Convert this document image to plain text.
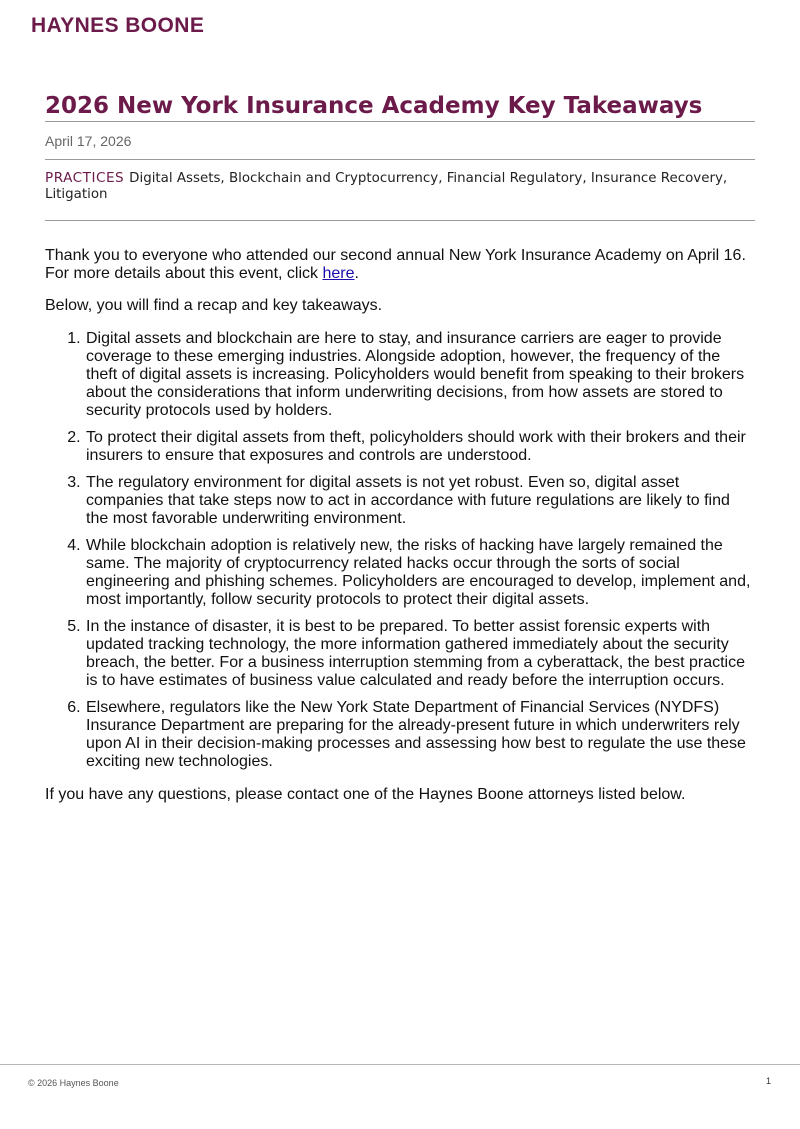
HAYNES BOONE
2026 New York Insurance Academy Key Takeaways
April 17, 2026
PRACTICES Digital Assets, Blockchain and Cryptocurrency, Financial Regulatory, Insurance Recovery, Litigation

Thank you to everyone who attended our second annual New York Insurance Academy on April 16. For more details about this event, click here.

Below, you will find a recap and key takeaways.

1. Digital assets and blockchain are here to stay, and insurance carriers are eager to provide coverage to these emerging industries. Alongside adoption, however, the frequency of the theft of digital assets is increasing. Policyholders would benefit from speaking to their brokers about the considerations that inform underwriting decisions, from how assets are stored to security protocols used by holders.
2. To protect their digital assets from theft, policyholders should work with their brokers and their insurers to ensure that exposures and controls are understood.
3. The regulatory environment for digital assets is not yet robust. Even so, digital asset companies that take steps now to act in accordance with future regulations are likely to find the most favorable underwriting environment.
4. While blockchain adoption is relatively new, the risks of hacking have largely remained the same. The majority of cryptocurrency related hacks occur through the sorts of social engineering and phishing schemes. Policyholders are encouraged to develop, implement and, most importantly, follow security protocols to protect their digital assets.
5. In the instance of disaster, it is best to be prepared. To better assist forensic experts with updated tracking technology, the more information gathered immediately about the security breach, the better. For a business interruption stemming from a cyberattack, the best practice is to have estimates of business value calculated and ready before the interruption occurs.
6. Elsewhere, regulators like the New York State Department of Financial Services (NYDFS) Insurance Department are preparing for the already-present future in which underwriters rely upon AI in their decision-making processes and assessing how best to regulate the use these exciting new technologies.

If you have any questions, please contact one of the Haynes Boone attorneys listed below.

© 2026 Haynes Boone	1
